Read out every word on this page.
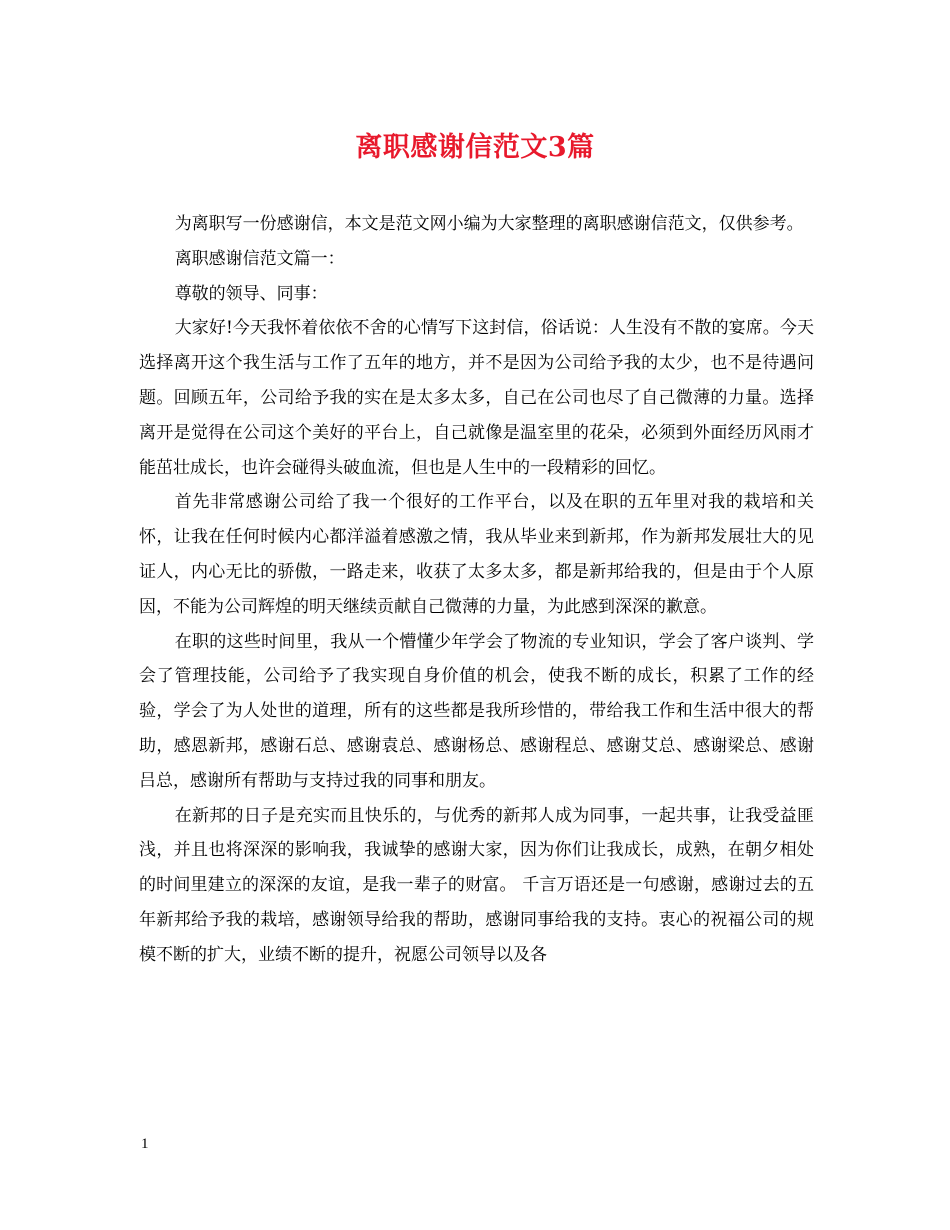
离职感谢信范文3篇

为离职写一份感谢信，本文是范文网小编为大家整理的离职感谢信范文，仅供参考。

离职感谢信范文篇一：

尊敬的领导、同事：

大家好!今天我怀着依依不舍的心情写下这封信，俗话说：人生没有不散的宴席。今天选择离开这个我生活与工作了五年的地方，并不是因为公司给予我的太少，也不是待遇问题。回顾五年，公司给予我的实在是太多太多，自己在公司也尽了自己微薄的力量。选择离开是觉得在公司这个美好的平台上，自己就像是温室里的花朵，必须到外面经历风雨才能茁壮成长，也许会碰得头破血流，但也是人生中的一段精彩的回忆。

首先非常感谢公司给了我一个很好的工作平台，以及在职的五年里对我的栽培和关怀，让我在任何时候内心都洋溢着感激之情，我从毕业来到新邦，作为新邦发展壮大的见证人，内心无比的骄傲，一路走来，收获了太多太多，都是新邦给我的，但是由于个人原因，不能为公司辉煌的明天继续贡献自己微薄的力量，为此感到深深的歉意。

在职的这些时间里，我从一个懵懂少年学会了物流的专业知识，学会了客户谈判、学会了管理技能，公司给予了我实现自身价值的机会，使我不断的成长，积累了工作的经验，学会了为人处世的道理，所有的这些都是我所珍惜的，带给我工作和生活中很大的帮助，感恩新邦，感谢石总、感谢袁总、感谢杨总、感谢程总、感谢艾总、感谢梁总、感谢吕总，感谢所有帮助与支持过我的同事和朋友。

在新邦的日子是充实而且快乐的，与优秀的新邦人成为同事，一起共事，让我受益匪浅，并且也将深深的影响我，我诚挚的感谢大家，因为你们让我成长，成熟，在朝夕相处的时间里建立的深深的友谊，是我一辈子的财富。 千言万语还是一句感谢，感谢过去的五年新邦给予我的栽培，感谢领导给我的帮助，感谢同事给我的支持。衷心的祝福公司的规模不断的扩大，业绩不断的提升，祝愿公司领导以及各

1
